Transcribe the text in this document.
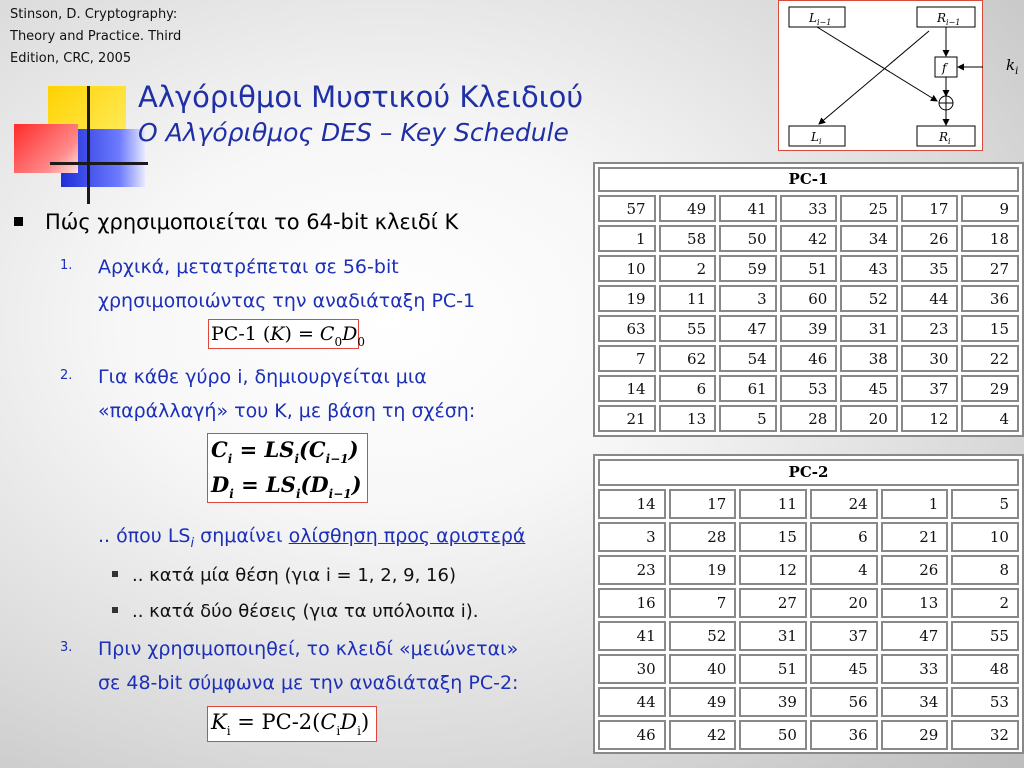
Stinson, D. Cryptography:
Theory and Practice. Third
Edition, CRC, 2005
Αλγόριθμοι Μυστικού Κλειδιού
Ο Αλγόριθμος DES – Key Schedule
Πώς χρησιμοποιείται το 64-bit κλειδί Κ
1. Αρχικά, μετατρέπεται σε 56-bit
χρησιμοποιώντας την αναδιάταξη PC-1
PC-1 $(K) = C_0D_0$
2. Για κάθε γύρο i, δημιουργείται μια
«παράλλαγή» του Κ, με βάση τη σχέση:
$C_i = LS_i(C_{i-1})$
$D_i = LS_i(D_{i-1})$
.. όπου $LS_i$ σημαίνει ολίσθηση προς αριστερά
.. κατά μία θέση (για i = 1, 2, 9, 16)
.. κατά δύο θέσεις (για τα υπόλοιπα i).
3. Πριν χρησιμοποιηθεί, το κλειδί «μειώνεται»
σε 48-bit σύμφωνα με την αναδιάταξη PC-2:
$K_i = PC-2(C_iD_i)$
$L_{i-1}$	$R_{i-1}$
f
$L_i$	$R_i$
$k_i$
PC-1
57	49	41	33	25	17	9
1	58	50	42	34	26	18
10	2	59	51	43	35	27
19	11	3	60	52	44	36
63	55	47	39	31	23	15
7	62	54	46	38	30	22
14	6	61	53	45	37	29
21	13	5	28	20	12	4
PC-2
14	17	11	24	1	5
3	28	15	6	21	10
23	19	12	4	26	8
16	7	27	20	13	2
41	52	31	37	47	55
30	40	51	45	33	48
44	49	39	56	34	53
46	42	50	36	29	32
